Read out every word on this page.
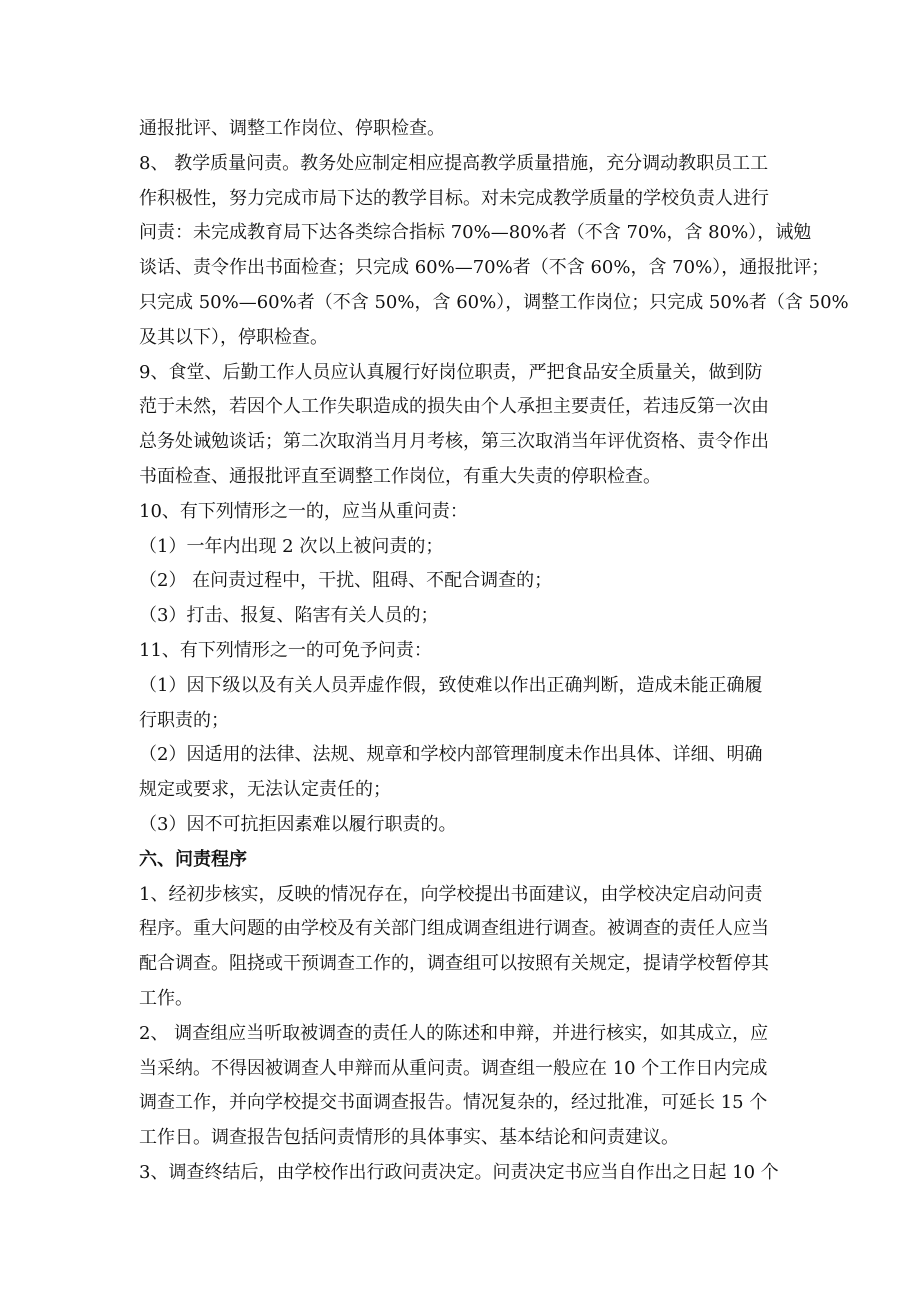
通报批评、调整工作岗位、停职检查。
8、 教学质量问责。教务处应制定相应提高教学质量措施，充分调动教职员工工
作积极性，努力完成市局下达的教学目标。对未完成教学质量的学校负责人进行
问责：未完成教育局下达各类综合指标 70%—80%者（不含 70%，含 80%），诫勉
谈话、责令作出书面检查；只完成 60%—70%者（不含 60%，含 70%），通报批评；
只完成 50%—60%者（不含 50%，含 60%），调整工作岗位；只完成 50%者（含 50%
及其以下），停职检查。
9、食堂、后勤工作人员应认真履行好岗位职责，严把食品安全质量关，做到防
范于未然，若因个人工作失职造成的损失由个人承担主要责任，若违反第一次由
总务处诫勉谈话；第二次取消当月月考核，第三次取消当年评优资格、责令作出
书面检查、通报批评直至调整工作岗位，有重大失责的停职检查。
10、有下列情形之一的，应当从重问责：
（1）一年内出现 2 次以上被问责的；
（2） 在问责过程中，干扰、阻碍、不配合调查的；
（3）打击、报复、陷害有关人员的；
11、有下列情形之一的可免予问责：
（1）因下级以及有关人员弄虚作假，致使难以作出正确判断，造成未能正确履
行职责的；
（2）因适用的法律、法规、规章和学校内部管理制度未作出具体、详细、明确
规定或要求，无法认定责任的；
（3）因不可抗拒因素难以履行职责的。
六、问责程序
1、经初步核实，反映的情况存在，向学校提出书面建议，由学校决定启动问责
程序。重大问题的由学校及有关部门组成调查组进行调查。被调查的责任人应当
配合调查。阻挠或干预调查工作的，调查组可以按照有关规定，提请学校暂停其
工作。
2、 调查组应当听取被调查的责任人的陈述和申辩，并进行核实，如其成立，应
当采纳。不得因被调查人申辩而从重问责。调查组一般应在 10 个工作日内完成
调查工作，并向学校提交书面调查报告。情况复杂的，经过批准，可延长 15 个
工作日。调查报告包括问责情形的具体事实、基本结论和问责建议。
3、调查终结后，由学校作出行政问责决定。问责决定书应当自作出之日起 10 个
